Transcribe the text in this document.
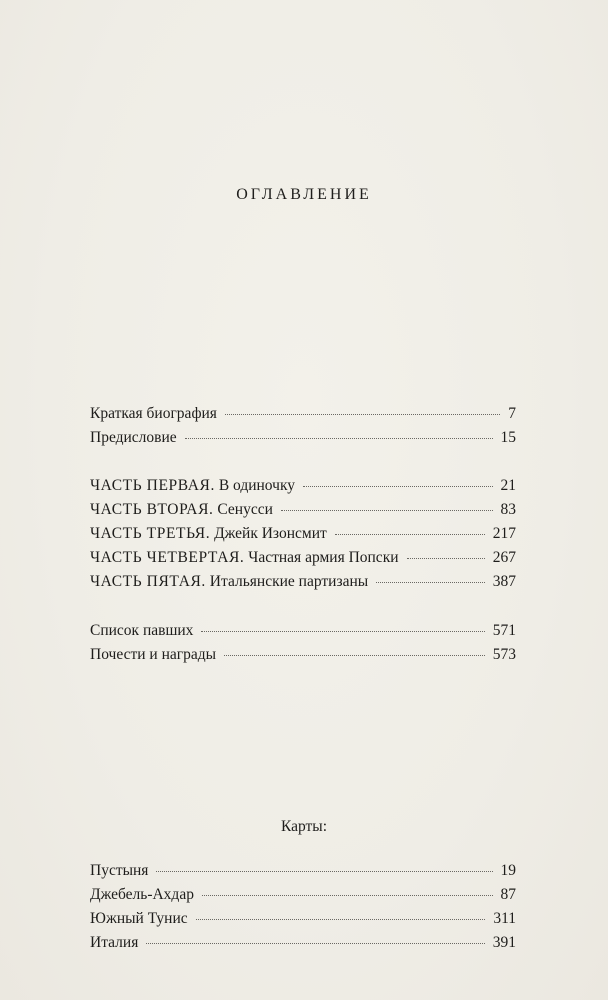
ОГЛАВЛЕНИЕ
Краткая биография	7
Предисловие	15
ЧАСТЬ ПЕРВАЯ. В одиночку	21
ЧАСТЬ ВТОРАЯ. Сенусси	83
ЧАСТЬ ТРЕТЬЯ. Джейк Изонсмит	217
ЧАСТЬ ЧЕТВЕРТАЯ. Частная армия Попски	267
ЧАСТЬ ПЯТАЯ. Итальянские партизаны	387
Список павших	571
Почести и награды	573
Карты:
Пустыня	19
Джебель-Ахдар	87
Южный Тунис	311
Италия	391
